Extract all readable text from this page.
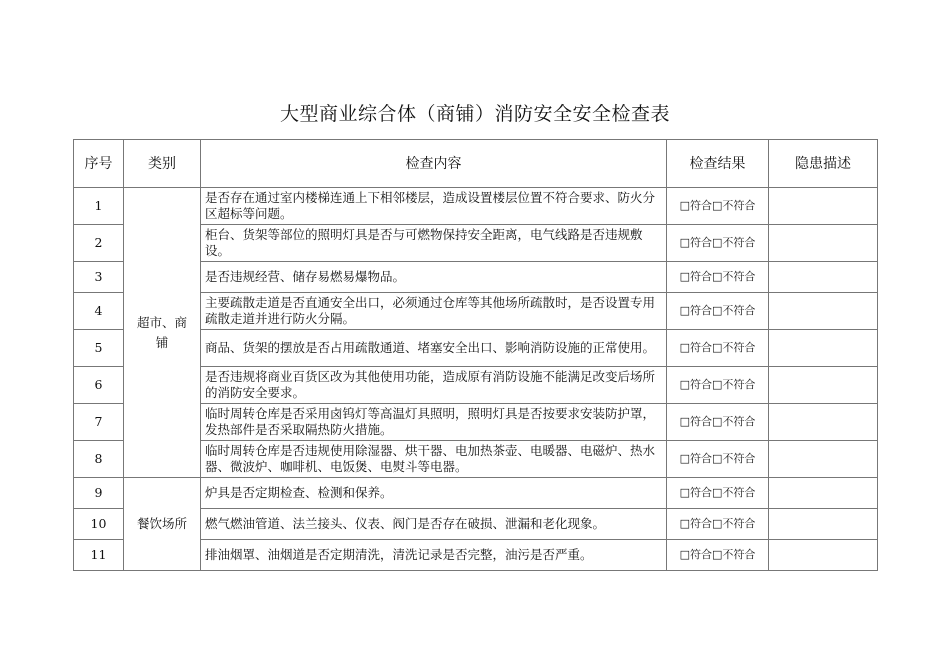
大型商业综合体（商铺）消防安全安全检查表
序号	类别	检查内容	检查结果	隐患描述
1	超市、商铺	是否存在通过室内楼梯连通上下相邻楼层，造成设置楼层位置不符合要求、防火分区超标等问题。	□符合□不符合	
2		柜台、货架等部位的照明灯具是否与可燃物保持安全距离，电气线路是否违规敷设。	□符合□不符合	
3		是否违规经营、储存易燃易爆物品。	□符合□不符合	
4		主要疏散走道是否直通安全出口，必须通过仓库等其他场所疏散时，是否设置专用疏散走道并进行防火分隔。	□符合□不符合	
5		商品、货架的摆放是否占用疏散通道、堵塞安全出口、影响消防设施的正常使用。	□符合□不符合	
6		是否违规将商业百货区改为其他使用功能，造成原有消防设施不能满足改变后场所的消防安全要求。	□符合□不符合	
7		临时周转仓库是否采用卤钨灯等高温灯具照明，照明灯具是否按要求安装防护罩，发热部件是否采取隔热防火措施。	□符合□不符合	
8		临时周转仓库是否违规使用除湿器、烘干器、电加热茶壶、电暖器、电磁炉、热水器、微波炉、咖啡机、电饭煲、电熨斗等电器。	□符合□不符合	
9	餐饮场所	炉具是否定期检查、检测和保养。	□符合□不符合	
10		燃气燃油管道、法兰接头、仪表、阀门是否存在破损、泄漏和老化现象。	□符合□不符合	
11		排油烟罩、油烟道是否定期清洗，清洗记录是否完整，油污是否严重。	□符合□不符合	
